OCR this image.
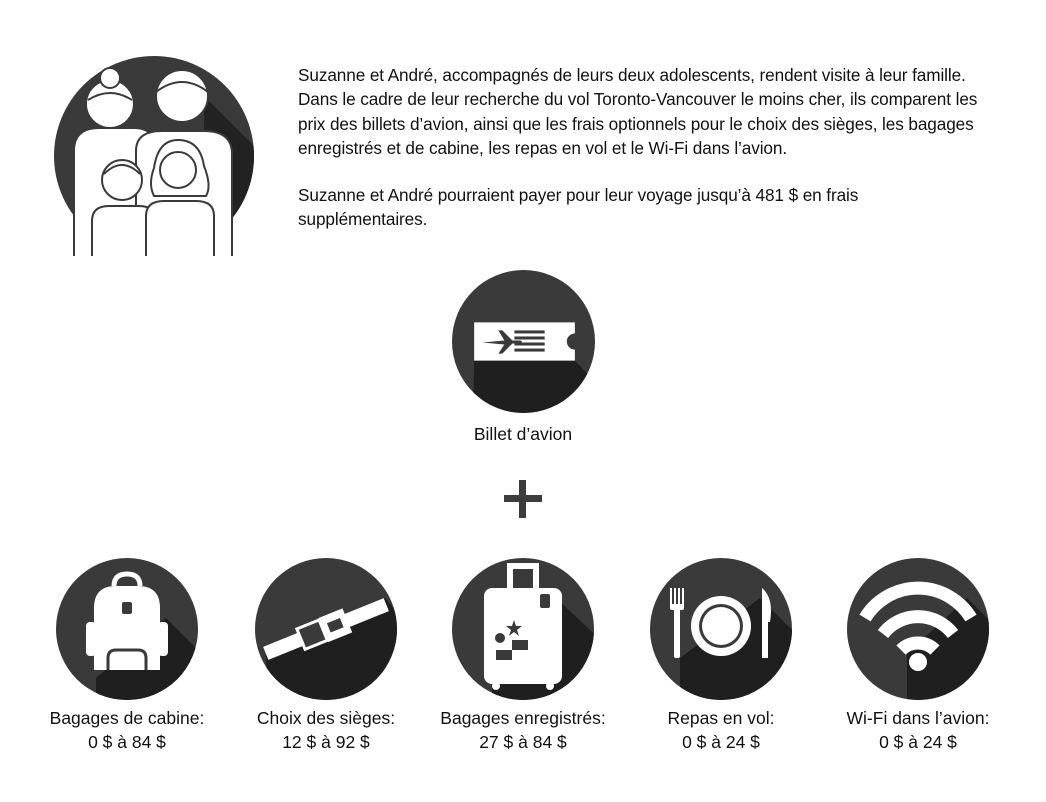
Suzanne et André, accompagnés de leurs deux adolescents, rendent visite à leur famille. Dans le cadre de leur recherche du vol Toronto-Vancouver le moins cher, ils comparent les prix des billets d’avion, ainsi que les frais optionnels pour le choix des sièges, les bagages enregistrés et de cabine, les repas en vol et le Wi-Fi dans l’avion.

Suzanne et André pourraient payer pour leur voyage jusqu’à 481 $ en frais supplémentaires.

Billet d’avion
Bagages de cabine:
0 $ à 84 $
Choix des sièges:
12 $ à 92 $
Bagages enregistrés:
27 $ à 84 $
Repas en vol:
0 $ à 24 $
Wi-Fi dans l’avion:
0 $ à 24 $
